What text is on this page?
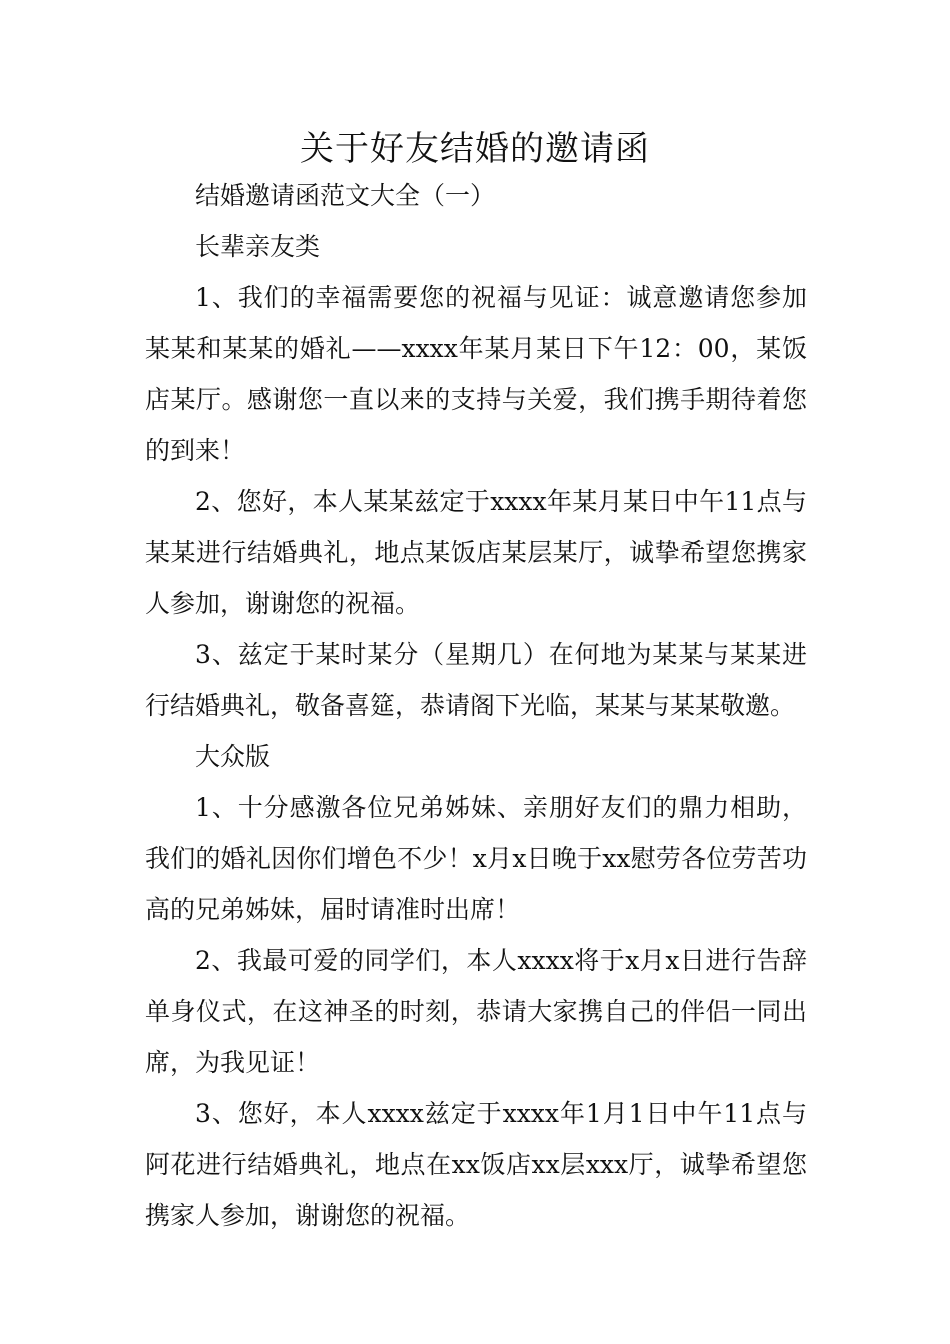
关于好友结婚的邀请函

结婚邀请函范文大全（一）

长辈亲友类

1、我们的幸福需要您的祝福与见证：诚意邀请您参加某某和某某的婚礼——xxxx年某月某日下午12：00，某饭店某厅。感谢您一直以来的支持与关爱，我们携手期待着您的到来！

2、您好，本人某某兹定于xxxx年某月某日中午11点与某某进行结婚典礼，地点某饭店某层某厅，诚挚希望您携家人参加，谢谢您的祝福。

3、兹定于某时某分（星期几）在何地为某某与某某进行结婚典礼，敬备喜筵，恭请阁下光临，某某与某某敬邀。

大众版

1、十分感激各位兄弟姊妹、亲朋好友们的鼎力相助，我们的婚礼因你们增色不少！x月x日晚于xx慰劳各位劳苦功高的兄弟姊妹，届时请准时出席！

2、我最可爱的同学们，本人xxxx将于x月x日进行告辞单身仪式，在这神圣的时刻，恭请大家携自己的伴侣一同出席，为我见证！

3、您好，本人xxxx兹定于xxxx年1月1日中午11点与阿花进行结婚典礼，地点在xx饭店xx层xxx厅，诚挚希望您携家人参加，谢谢您的祝福。
